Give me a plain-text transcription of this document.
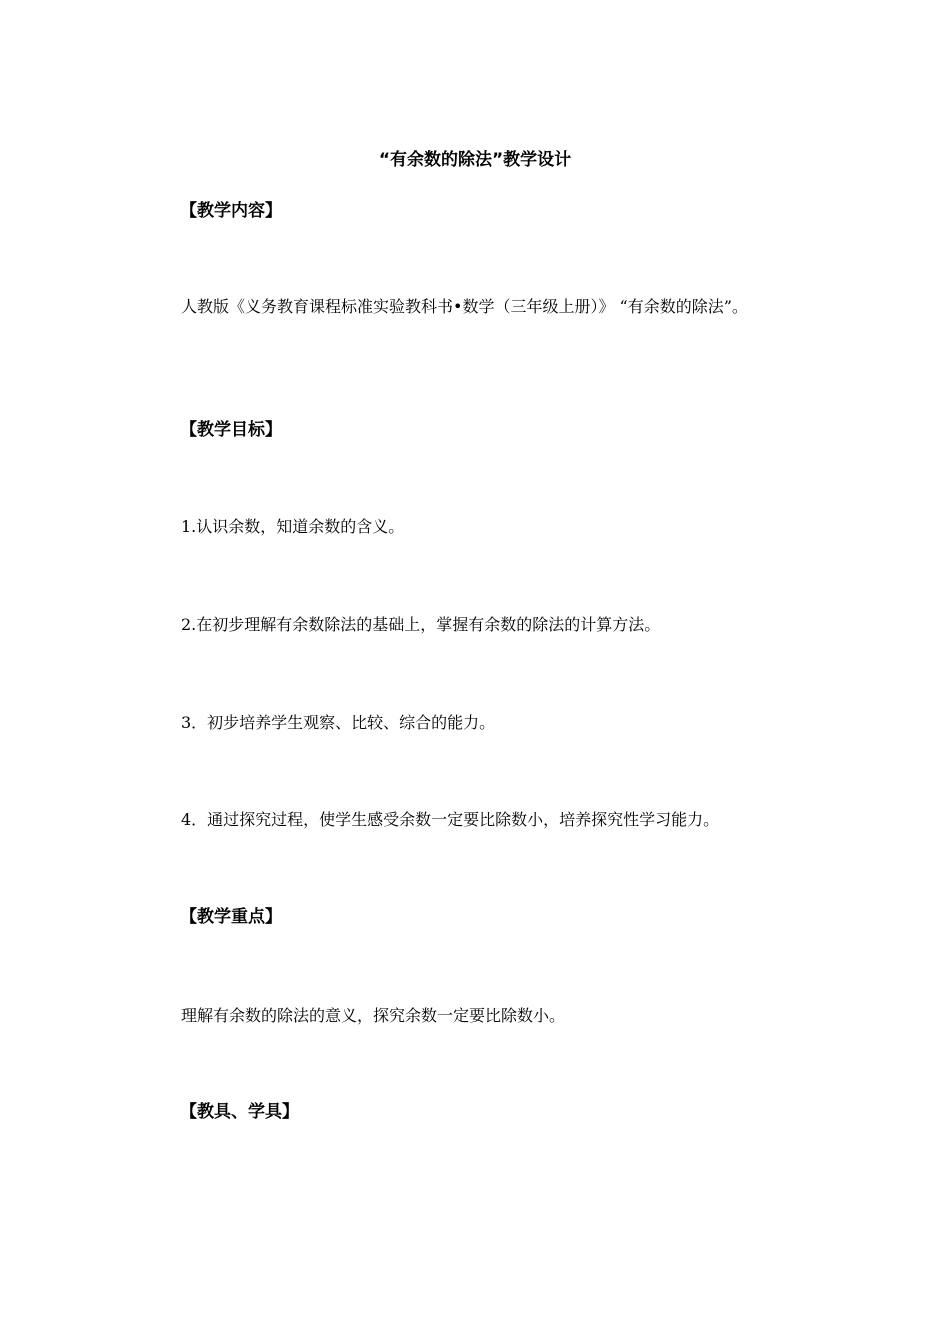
“有余数的除法”教学设计
【教学内容】
人教版《义务教育课程标准实验教科书•数学（三年级上册）》 “有余数的除法”。
【教学目标】
1.认识余数，知道余数的含义。
2.在初步理解有余数除法的基础上，掌握有余数的除法的计算方法。
3．初步培养学生观察、比较、综合的能力。
4．通过探究过程，使学生感受余数一定要比除数小，培养探究性学习能力。
【教学重点】
理解有余数的除法的意义，探究余数一定要比除数小。
【教具、学具】
